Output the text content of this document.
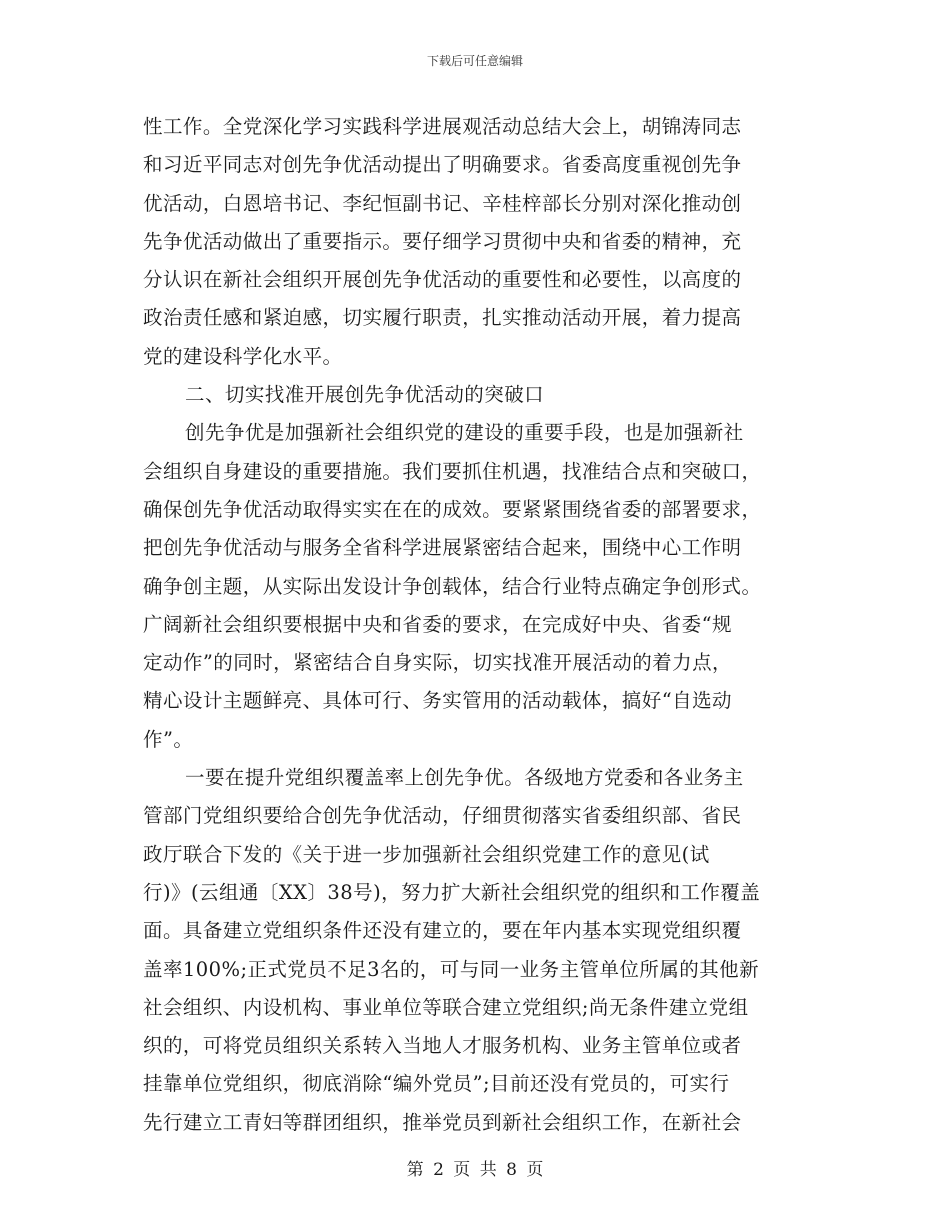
下载后可任意编辑
性工作。全党深化学习实践科学进展观活动总结大会上，胡锦涛同志
和习近平同志对创先争优活动提出了明确要求。省委高度重视创先争
优活动，白恩培书记、李纪恒副书记、辛桂梓部长分别对深化推动创
先争优活动做出了重要指示。要仔细学习贯彻中央和省委的精神，充
分认识在新社会组织开展创先争优活动的重要性和必要性，以高度的
政治责任感和紧迫感，切实履行职责，扎实推动活动开展，着力提高
党的建设科学化水平。
二、切实找准开展创先争优活动的突破口
创先争优是加强新社会组织党的建设的重要手段，也是加强新社
会组织自身建设的重要措施。我们要抓住机遇，找准结合点和突破口，
确保创先争优活动取得实实在在的成效。要紧紧围绕省委的部署要求，
把创先争优活动与服务全省科学进展紧密结合起来，围绕中心工作明
确争创主题，从实际出发设计争创载体，结合行业特点确定争创形式。
广阔新社会组织要根据中央和省委的要求，在完成好中央、省委“规
定动作”的同时，紧密结合自身实际，切实找准开展活动的着力点，
精心设计主题鲜亮、具体可行、务实管用的活动载体，搞好“自选动
作”。
一要在提升党组织覆盖率上创先争优。各级地方党委和各业务主
管部门党组织要给合创先争优活动，仔细贯彻落实省委组织部、省民
政厅联合下发的《关于进一步加强新社会组织党建工作的意见(试
行)》(云组通〔XX〕38号)，努力扩大新社会组织党的组织和工作覆盖
面。具备建立党组织条件还没有建立的，要在年内基本实现党组织覆
盖率100%;正式党员不足3名的，可与同一业务主管单位所属的其他新
社会组织、内设机构、事业单位等联合建立党组织;尚无条件建立党组
织的，可将党员组织关系转入当地人才服务机构、业务主管单位或者
挂靠单位党组织，彻底消除“编外党员”;目前还没有党员的，可实行
先行建立工青妇等群团组织，推举党员到新社会组织工作，在新社会
第 2 页 共 8 页
